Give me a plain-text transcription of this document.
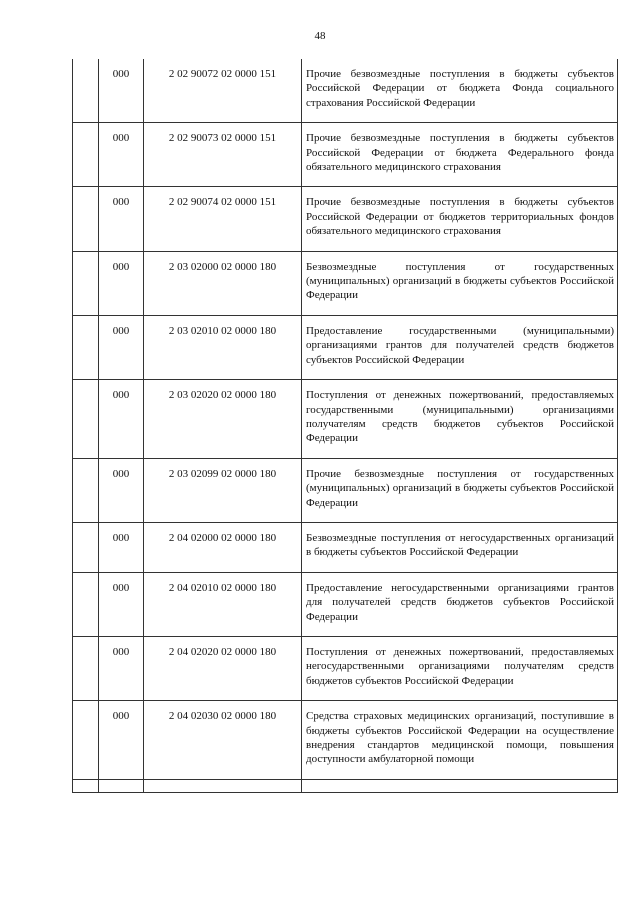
48
	000	2 02 90072 02 0000 151	Прочие безвозмездные поступления в бюджеты субъектов Российской Федерации от бюджета Фонда социального страхования Российской Федерации
	000	2 02 90073 02 0000 151	Прочие безвозмездные поступления в бюджеты субъектов Российской Федерации от бюджета Федерального фонда обязательного медицинского страхования
	000	2 02 90074 02 0000 151	Прочие безвозмездные поступления в бюджеты субъектов Российской Федерации от бюджетов территориальных фондов обязательного медицинского страхования
	000	2 03 02000 02 0000 180	Безвозмездные поступления от государственных (муниципальных) организаций в бюджеты субъектов Российской Федерации
	000	2 03 02010 02 0000 180	Предоставление государственными (муниципальными) организациями грантов для получателей средств бюджетов субъектов Российской Федерации
	000	2 03 02020 02 0000 180	Поступления от денежных пожертвований, предоставляемых государственными (муниципальными) организациями получателям средств бюджетов субъектов Российской Федерации
	000	2 03 02099 02 0000 180	Прочие безвозмездные поступления от государственных (муниципальных) организаций в бюджеты субъектов Российской Федерации
	000	2 04 02000 02 0000 180	Безвозмездные поступления от негосударственных организаций в бюджеты субъектов Российской Федерации
	000	2 04 02010 02 0000 180	Предоставление негосударственными организациями грантов для получателей средств бюджетов субъектов Российской Федерации
	000	2 04 02020 02 0000 180	Поступления от денежных пожертвований, предоставляемых негосударственными организациями получателям средств бюджетов субъектов Российской Федерации
	000	2 04 02030 02 0000 180	Средства страховых медицинских организаций, поступившие в бюджеты субъектов Российской Федерации на осуществление внедрения стандартов медицинской помощи, повышения доступности амбулаторной помощи
